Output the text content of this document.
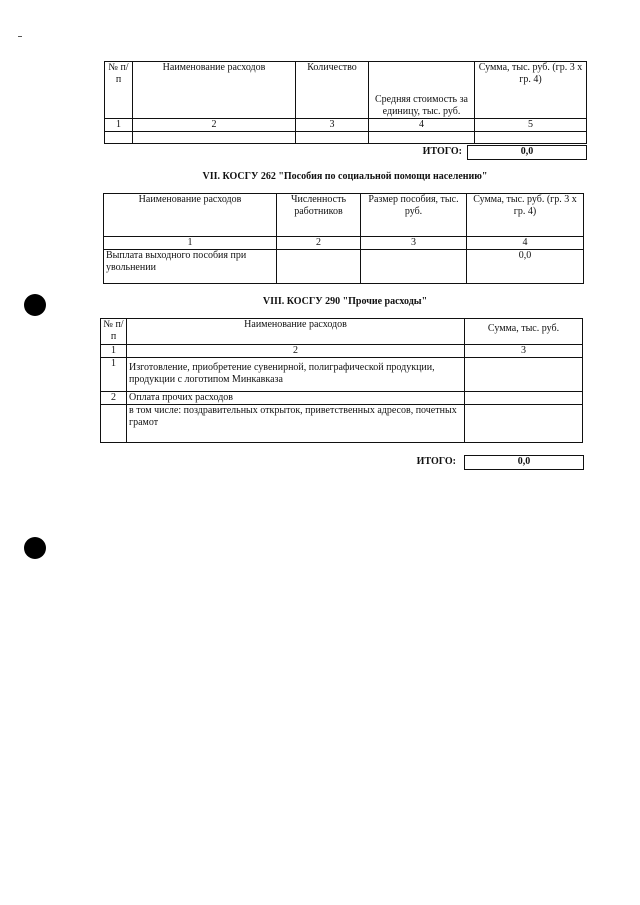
№ п/п	Наименование расходов	Количество	Средняя стоимость за единицу, тыс. руб.	Сумма, тыс. руб. (гр. 3 х гр. 4)
1	2	3	4	5

ИТОГО:	0,0
VII. КОСГУ 262 "Пособия по социальной помощи населению"
Наименование расходов	Численность работников	Размер пособия, тыс. руб.	Сумма, тыс. руб. (гр. 3 х гр. 4)
1	2	3	4
Выплата выходного пособия при увольнении			0,0
VIII. КОСГУ 290 "Прочие расходы"
№ п/п	Наименование расходов	Сумма, тыс. руб.
1	2	3
1	Изготовление, приобретение сувенирной, полиграфической продукции, продукции с логотипом Минкавказа	
2	Оплата прочих расходов	
	в том числе: поздравительных открыток, приветственных адресов, почетных грамот	
ИТОГО:	0,0
